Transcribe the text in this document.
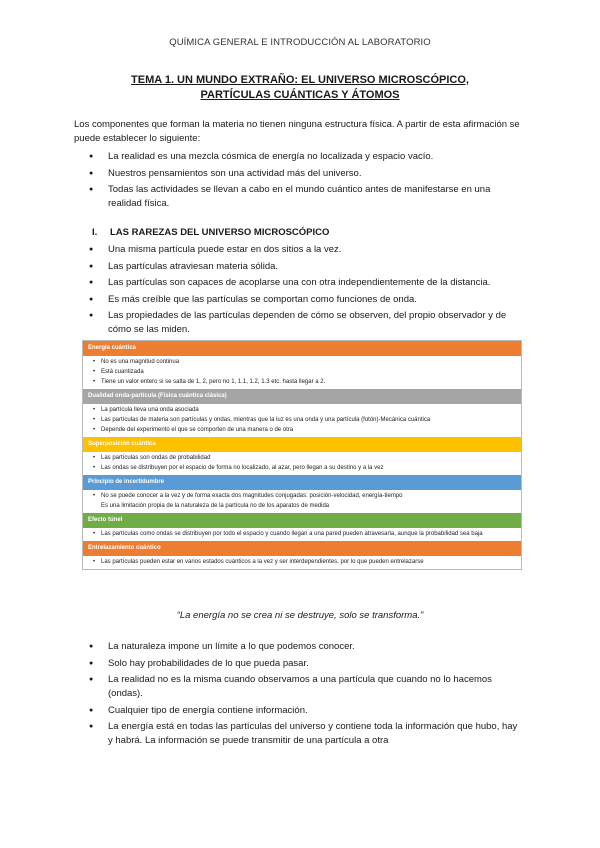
QUÍMICA GENERAL E INTRODUCCIÓN AL LABORATORIO
TEMA 1. UN MUNDO EXTRAÑO: EL UNIVERSO MICROSCÓPICO,
PARTÍCULAS CUÁNTICAS Y ÁTOMOS
Los componentes que forman la materia no tienen ninguna estructura física. A partir de esta afirmación se puede establecer lo siguiente:
● La realidad es una mezcla cósmica de energía no localizada y espacio vacío.
● Nuestros pensamientos son una actividad más del universo.
● Todas las actividades se llevan a cabo en el mundo cuántico antes de manifestarse en una realidad física.
I. LAS RAREZAS DEL UNIVERSO MICROSCÓPICO
● Una misma partícula puede estar en dos sitios a la vez.
● Las partículas atraviesan materia sólida.
● Las partículas son capaces de acoplarse una con otra independientemente de la distancia.
● Es más creíble que las partículas se comportan como funciones de onda.
● Las propiedades de las partículas dependen de cómo se observen, del propio observador y de cómo se las miden.
Energía cuántica
• No es una magnitud continua
• Está cuantizada
• Tiene un valor entero si se salta de 1, 2, pero no 1, 1.1, 1.2, 1.3 etc. hasta llegar a 2.
Dualidad onda-partícula (Física cuántica clásica)
• La partícula lleva una onda asociada
• Las partículas de materia son partículas y ondas, mientras que la luz es una onda y una partícula (fotón)-Mecánica cuántica
• Depende del experimento el que se comporten de una manera o de otra
Superposición cuántica
• Las partículas son ondas de probabilidad
• Las ondas se distribuyen por el espacio de forma no localizado, al azar, pero llegan a su destino y a la vez
Principio de incertidumbre
• No se puede conocer a la vez y de forma exacta dos magnitudes conjugadas: posición-velocidad, energía-tiempo
Es una limitación propia de la naturaleza de la partícula no de los aparatos de medida
Efecto túnel
• Las partículas como ondas se distribuyen por todo el espacio y cuando llegan a una pared pueden atravesarla, aunque la probabilidad sea baja
Entrelazamiento cuántico
• Las partículas pueden estar en varios estados cuánticos a la vez y ser interdependientes, por lo que pueden entrelazarse
“La energía no se crea ni se destruye, solo se transforma.”
● La naturaleza impone un límite a lo que podemos conocer.
● Solo hay probabilidades de lo que pueda pasar.
● La realidad no es la misma cuando observamos a una partícula que cuando no lo hacemos (ondas).
● Cualquier tipo de energía contiene información.
● La energía está en todas las partículas del universo y contiene toda la información que hubo, hay y habrá. La información se puede transmitir de una partícula a otra
